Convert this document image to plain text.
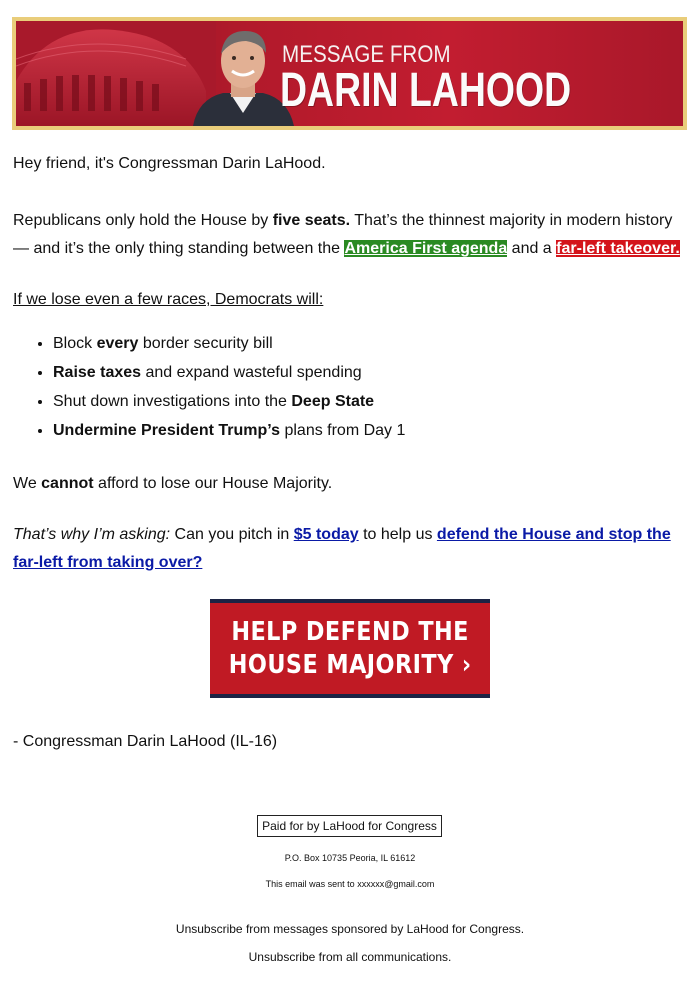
MESSAGE FROM
DARIN LAHOOD

Hey friend, it's Congressman Darin LaHood.

Republicans only hold the House by five seats. That’s the thinnest majority in modern history — and it’s the only thing standing between the America First agenda and a far-left takeover.

If we lose even a few races, Democrats will:

• Block every border security bill
• Raise taxes and expand wasteful spending
• Shut down investigations into the Deep State
• Undermine President Trump’s plans from Day 1

We cannot afford to lose our House Majority.

That’s why I’m asking: Can you pitch in $5 today to help us defend the House and stop the far-left from taking over?

HELP DEFEND THE
HOUSE MAJORITY ›

- Congressman Darin LaHood (IL-16)

Paid for by LaHood for Congress
P.O. Box 10735 Peoria, IL 61612
This email was sent to xxxxxx@gmail.com
Unsubscribe from messages sponsored by LaHood for Congress.
Unsubscribe from all communications.
